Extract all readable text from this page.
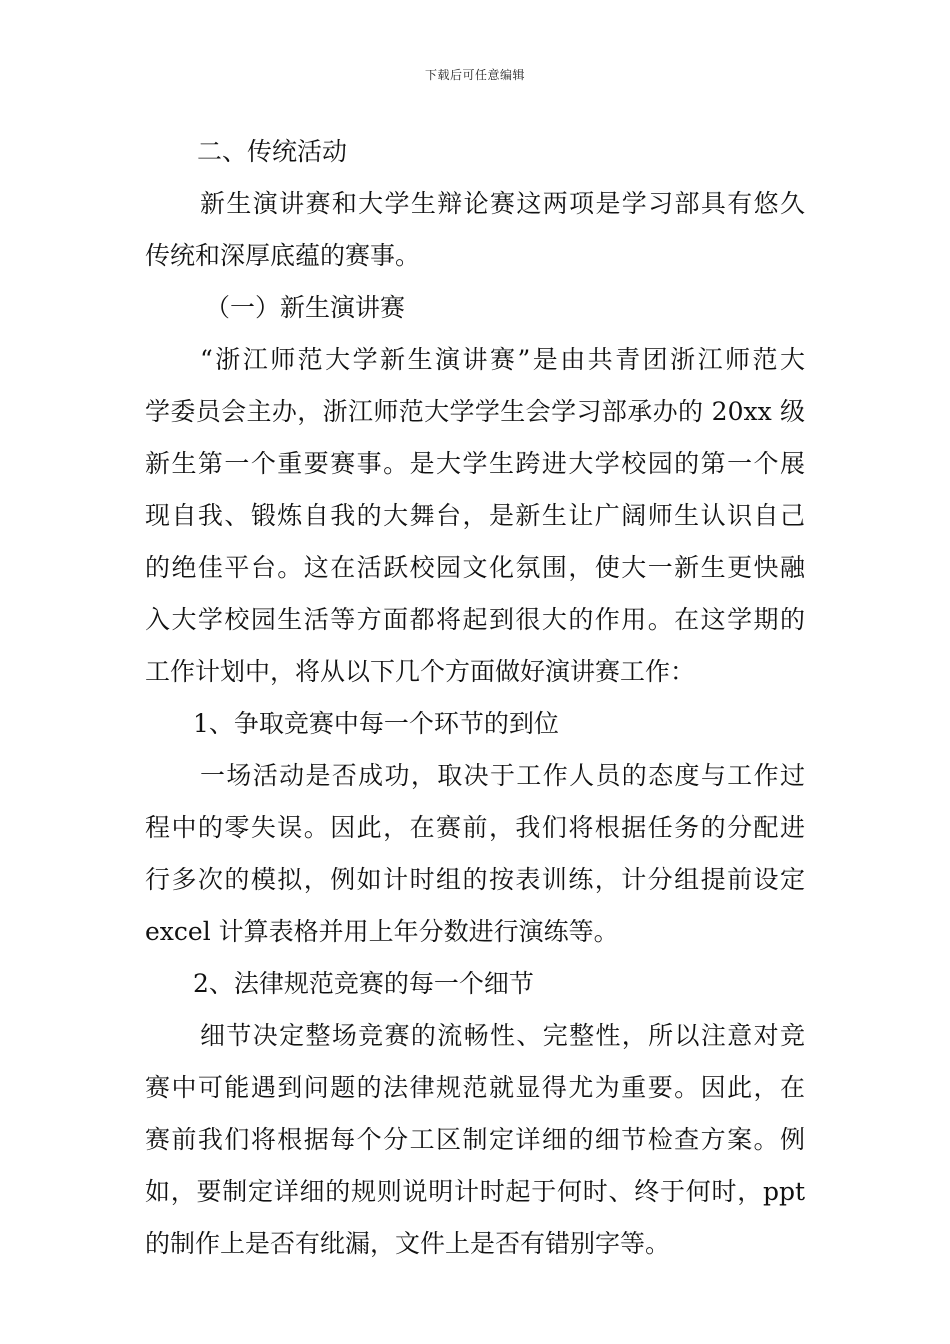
下载后可任意编辑
二、传统活动
新生演讲赛和大学生辩论赛这两项是学习部具有悠久
传统和深厚底蕴的赛事。
（一）新生演讲赛
“浙江师范大学新生演讲赛”是由共青团浙江师范大
学委员会主办，浙江师范大学学生会学习部承办的 20xx 级
新生第一个重要赛事。是大学生跨进大学校园的第一个展
现自我、锻炼自我的大舞台，是新生让广阔师生认识自己
的绝佳平台。这在活跃校园文化氛围，使大一新生更快融
入大学校园生活等方面都将起到很大的作用。在这学期的
工作计划中，将从以下几个方面做好演讲赛工作：
1、争取竞赛中每一个环节的到位
一场活动是否成功，取决于工作人员的态度与工作过
程中的零失误。因此，在赛前，我们将根据任务的分配进
行多次的模拟，例如计时组的按表训练，计分组提前设定
excel 计算表格并用上年分数进行演练等。
2、法律规范竞赛的每一个细节
细节决定整场竞赛的流畅性、完整性，所以注意对竞
赛中可能遇到问题的法律规范就显得尤为重要。因此，在
赛前我们将根据每个分工区制定详细的细节检查方案。例
如，要制定详细的规则说明计时起于何时、终于何时，ppt
的制作上是否有纰漏，文件上是否有错别字等。
